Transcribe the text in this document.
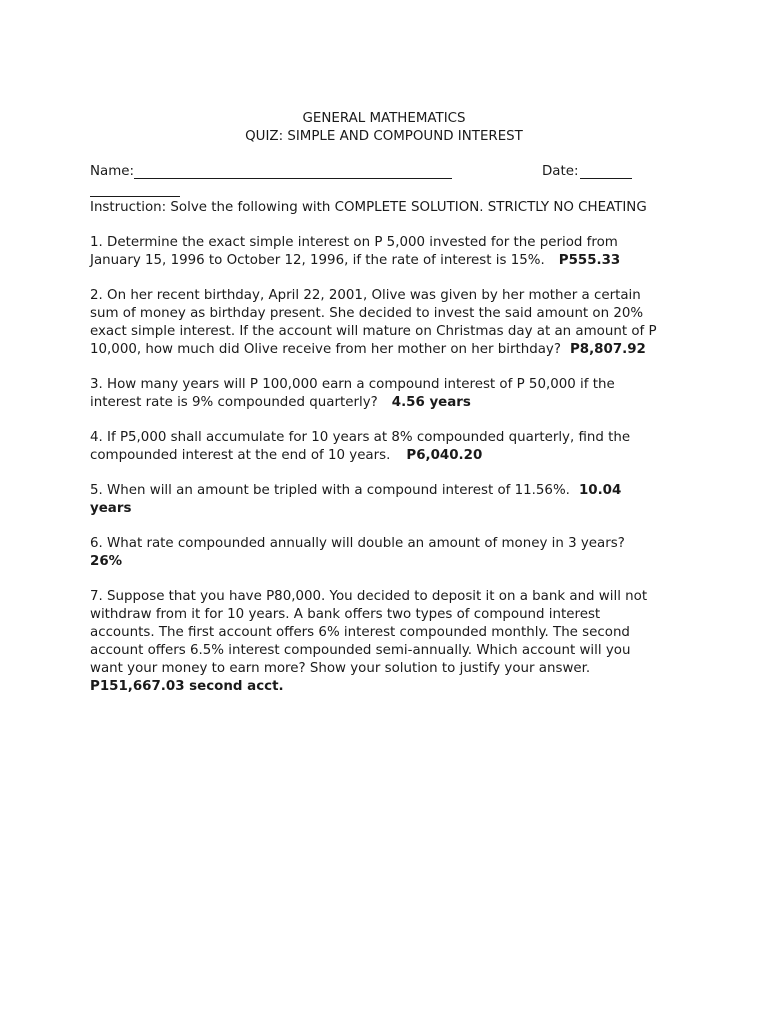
GENERAL MATHEMATICS
QUIZ: SIMPLE AND COMPOUND INTEREST
Name:	Date:
Instruction: Solve the following with COMPLETE SOLUTION. STRICTLY NO CHEATING
1. Determine the exact simple interest on P 5,000 invested for the period from
January 15, 1996 to October 12, 1996, if the rate of interest is 15%. P555.33
2. On her recent birthday, April 22, 2001, Olive was given by her mother a certain
sum of money as birthday present. She decided to invest the said amount on 20%
exact simple interest. If the account will mature on Christmas day at an amount of P
10,000, how much did Olive receive from her mother on her birthday? P8,807.92
3. How many years will P 100,000 earn a compound interest of P 50,000 if the
interest rate is 9% compounded quarterly? 4.56 years
4. If P5,000 shall accumulate for 10 years at 8% compounded quarterly, find the
compounded interest at the end of 10 years. P6,040.20
5. When will an amount be tripled with a compound interest of 11.56%. 10.04
years
6. What rate compounded annually will double an amount of money in 3 years?
26%
7. Suppose that you have P80,000. You decided to deposit it on a bank and will not
withdraw from it for 10 years. A bank offers two types of compound interest
accounts. The first account offers 6% interest compounded monthly. The second
account offers 6.5% interest compounded semi-annually. Which account will you
want your money to earn more? Show your solution to justify your answer.
P151,667.03 second acct.
